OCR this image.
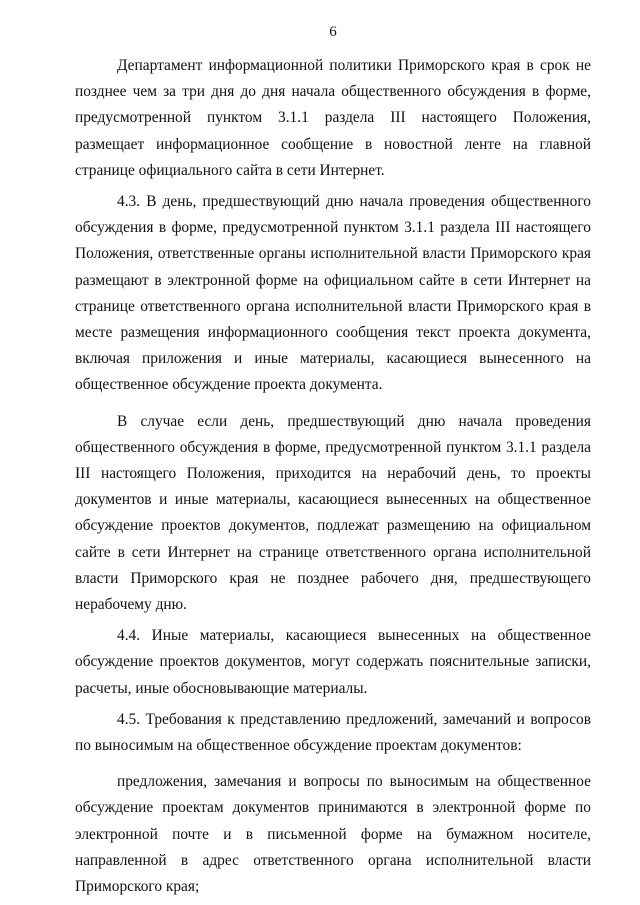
6

Департамент информационной политики Приморского края в срок не позднее чем за три дня до дня начала общественного обсуждения в форме, предусмотренной пунктом 3.1.1 раздела III настоящего Положения, размещает информационное сообщение в новостной ленте на главной странице официального сайта в сети Интернет.

4.3. В день, предшествующий дню начала проведения общественного обсуждения в форме, предусмотренной пунктом 3.1.1 раздела III настоящего Положения, ответственные органы исполнительной власти Приморского края размещают в электронной форме на официальном сайте в сети Интернет на странице ответственного органа исполнительной власти Приморского края в месте размещения информационного сообщения текст проекта документа, включая приложения и иные материалы, касающиеся вынесенного на общественное обсуждение проекта документа.

В случае если день, предшествующий дню начала проведения общественного обсуждения в форме, предусмотренной пунктом 3.1.1 раздела III настоящего Положения, приходится на нерабочий день, то проекты документов и иные материалы, касающиеся вынесенных на общественное обсуждение проектов документов, подлежат размещению на официальном сайте в сети Интернет на странице ответственного органа исполнительной власти Приморского края не позднее рабочего дня, предшествующего нерабочему дню.

4.4. Иные материалы, касающиеся вынесенных на общественное обсуждение проектов документов, могут содержать пояснительные записки, расчеты, иные обосновывающие материалы.

4.5. Требования к представлению предложений, замечаний и вопросов по выносимым на общественное обсуждение проектам документов:

предложения, замечания и вопросы по выносимым на общественное обсуждение проектам документов принимаются в электронной форме по электронной почте и в письменной форме на бумажном носителе, направленной в адрес ответственного органа исполнительной власти Приморского края;
